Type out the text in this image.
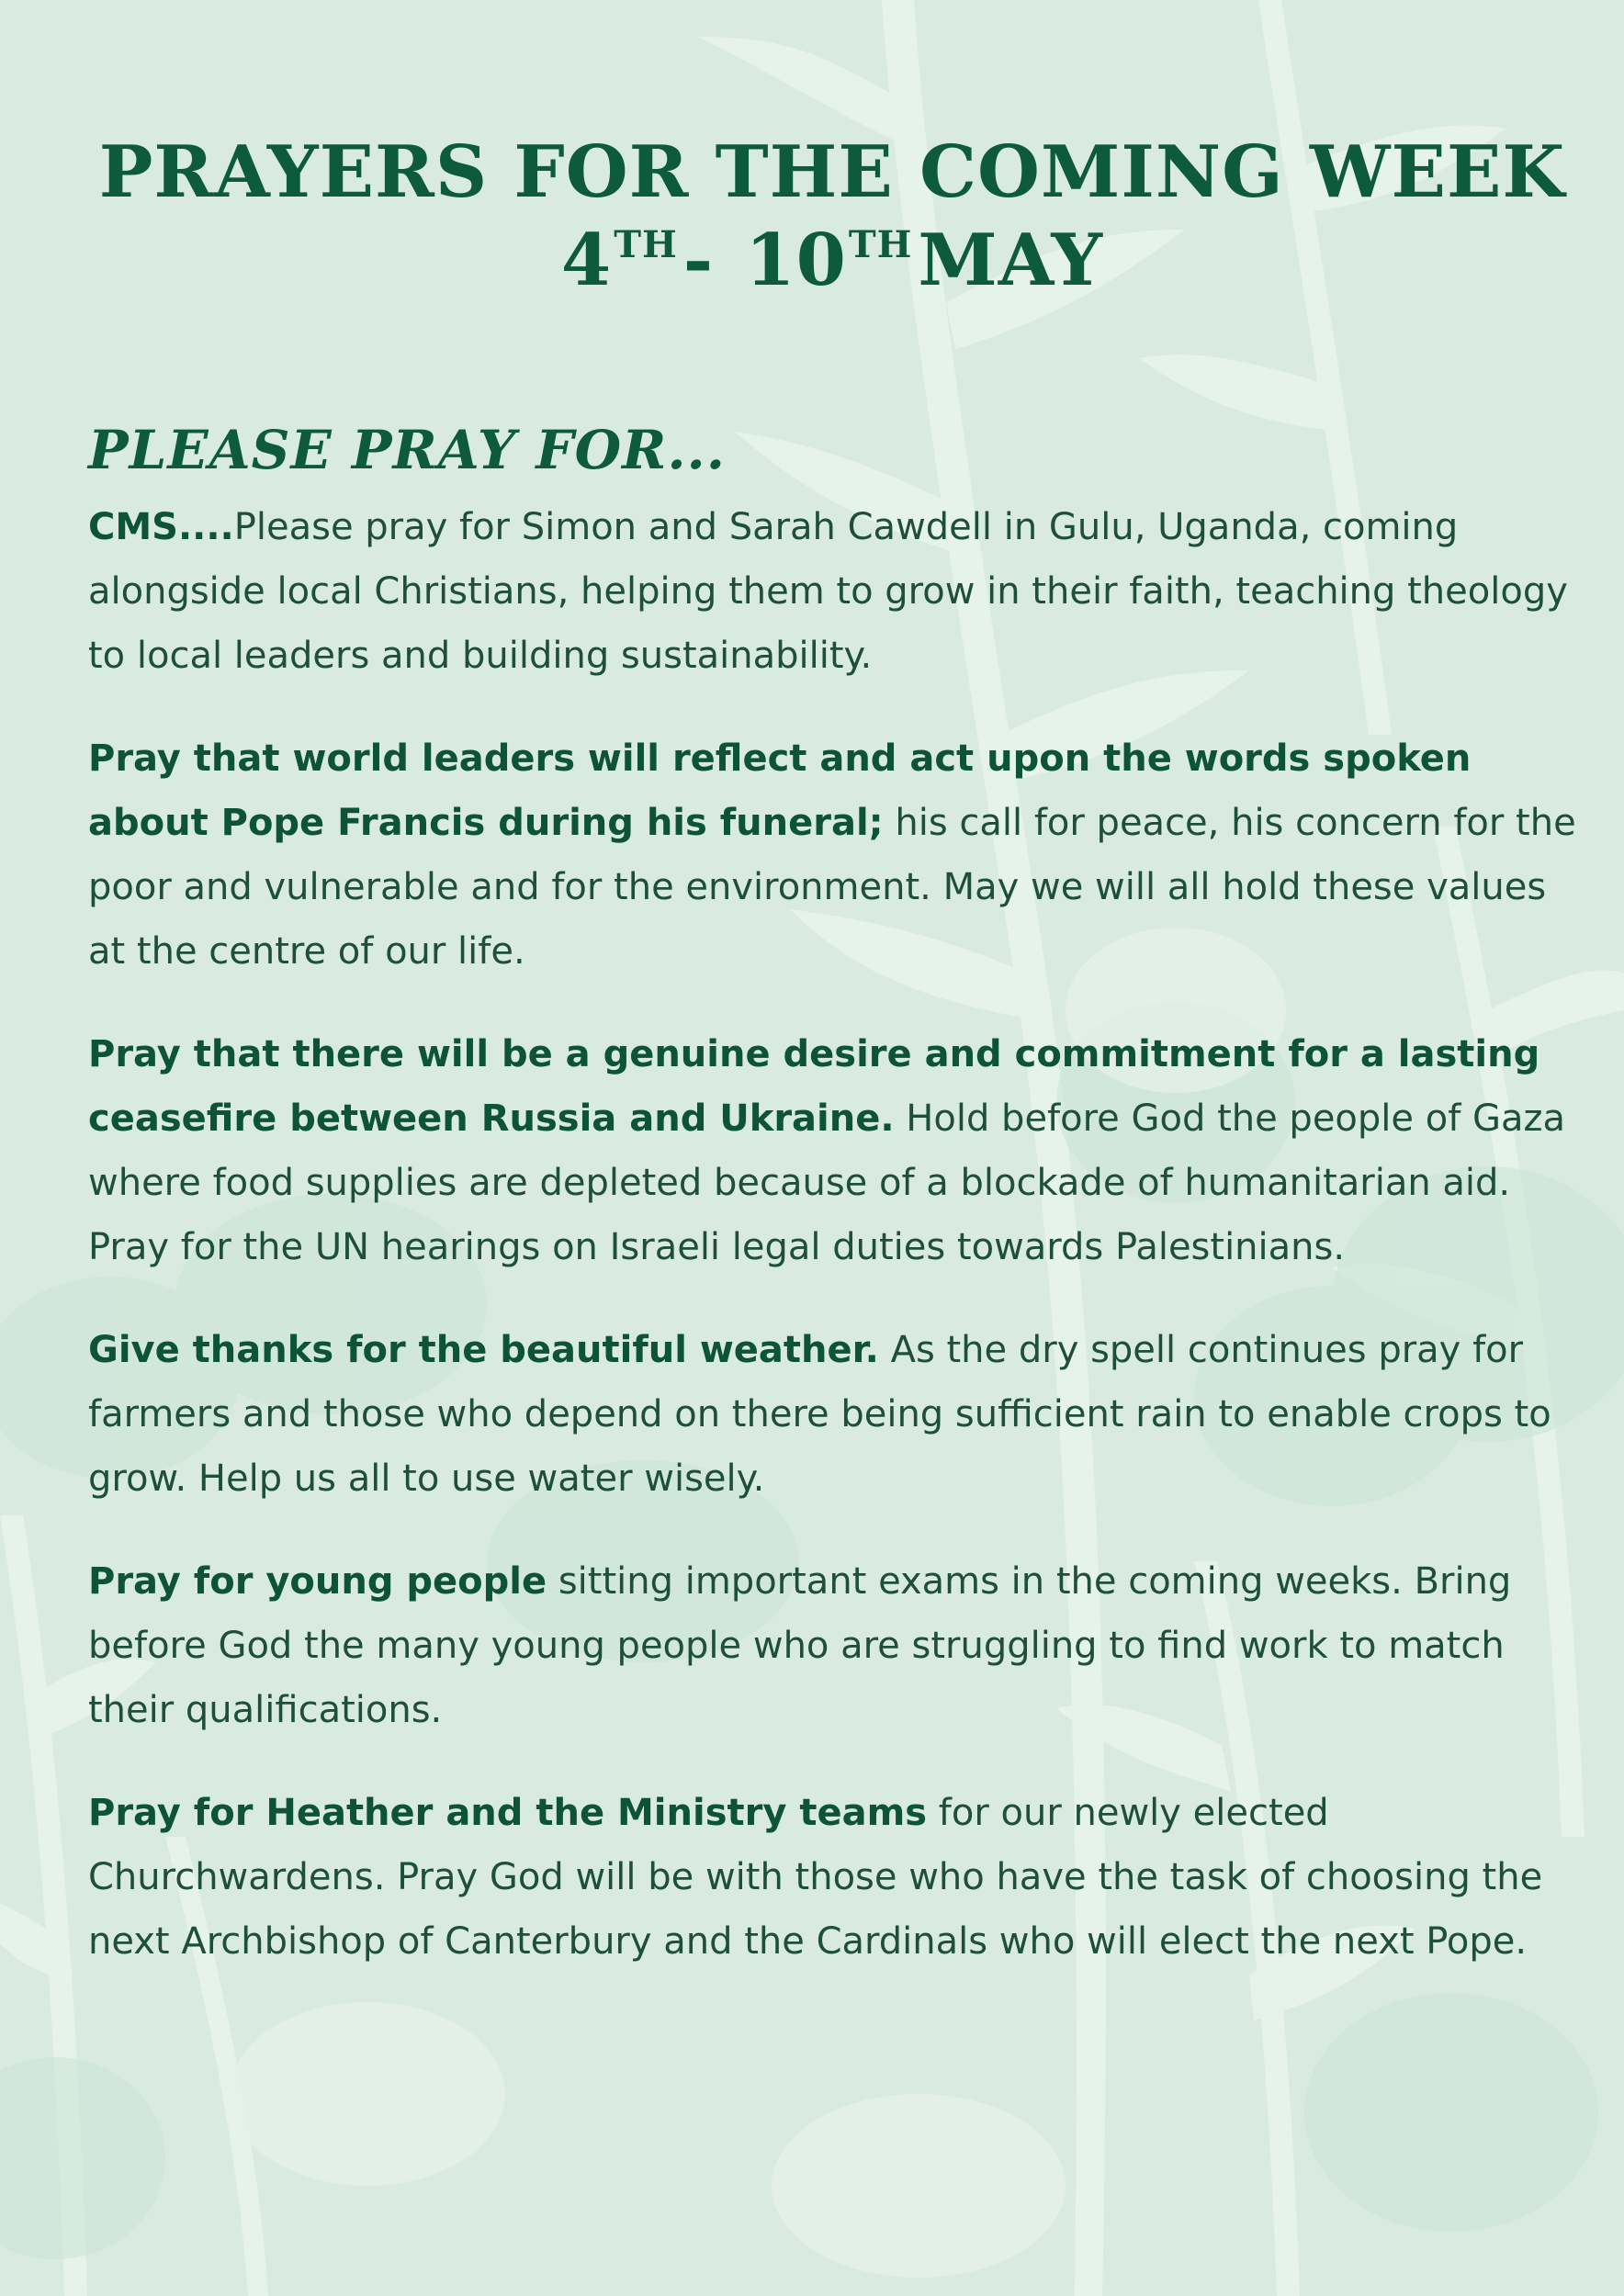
PRAYERS FOR THE COMING WEEK
4TH- 10THMAY
PLEASE PRAY FOR...

CMS....Please pray for Simon and Sarah Cawdell in Gulu, Uganda, coming alongside local Christians, helping them to grow in their faith, teaching theology to local leaders and building sustainability.

Pray that world leaders will reflect and act upon the words spoken about Pope Francis during his funeral; his call for peace, his concern for the poor and vulnerable and for the environment. May we will all hold these values at the centre of our life.

Pray that there will be a genuine desire and commitment for a lasting ceasefire between Russia and Ukraine. Hold before God the people of Gaza where food supplies are depleted because of a blockade of humanitarian aid. Pray for the UN hearings on Israeli legal duties towards Palestinians.

Give thanks for the beautiful weather. As the dry spell continues pray for farmers and those who depend on there being sufficient rain to enable crops to grow. Help us all to use water wisely.

Pray for young people sitting important exams in the coming weeks. Bring before God the many young people who are struggling to find work to match their qualifications.

Pray for Heather and the Ministry teams for our newly elected Churchwardens. Pray God will be with those who have the task of choosing the next Archbishop of Canterbury and the Cardinals who will elect the next Pope.
